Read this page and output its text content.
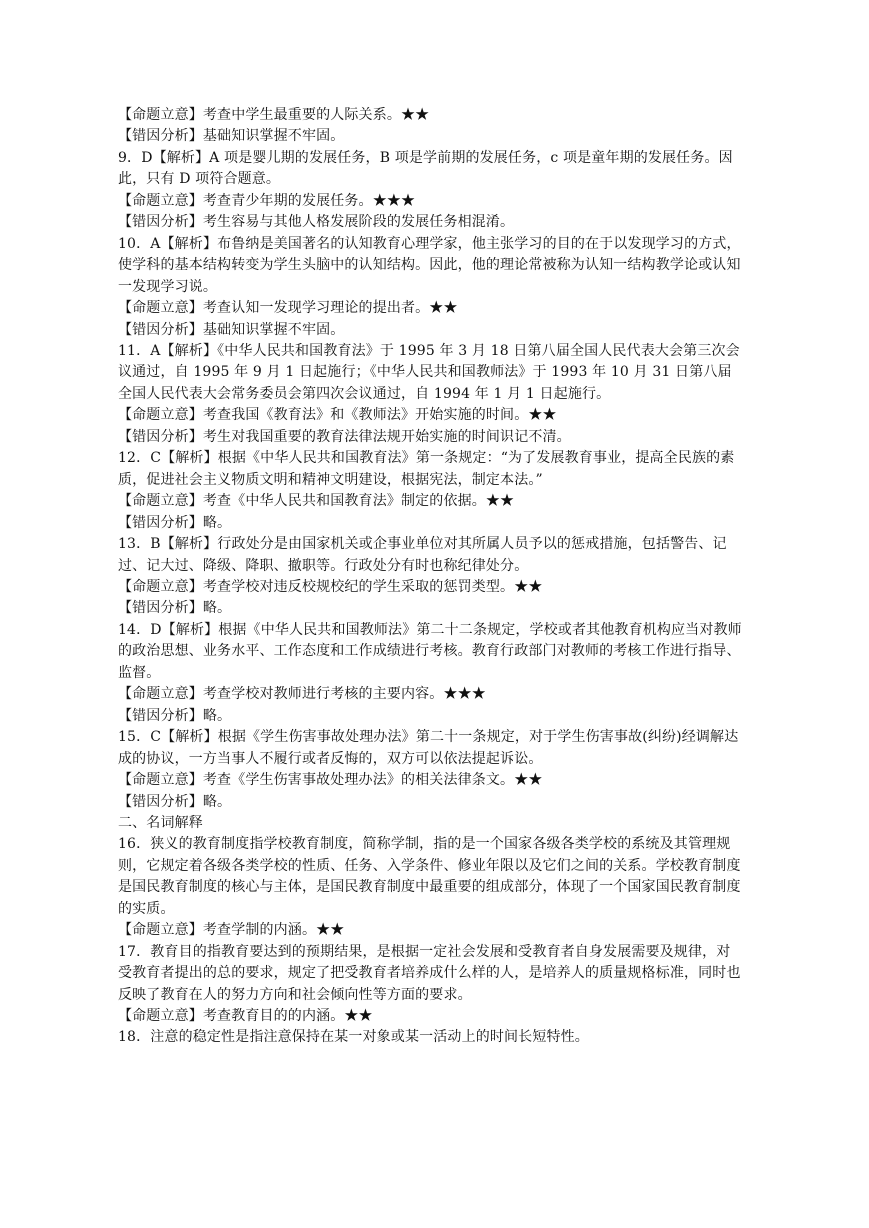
【命题立意】考查中学生最重要的人际关系。★★

【错因分析】基础知识掌握不牢固。

9．D【解析】A 项是婴儿期的发展任务，B 项是学前期的发展任务，c 项是童年期的发展任务。因此，只有 D 项符合题意。

【命题立意】考查青少年期的发展任务。★★★

【错因分析】考生容易与其他人格发展阶段的发展任务相混淆。

10．A【解析】布鲁纳是美国著名的认知教育心理学家，他主张学习的目的在于以发现学习的方式，使学科的基本结构转变为学生头脑中的认知结构。因此，他的理论常被称为认知一结构教学论或认知一发现学习说。

【命题立意】考查认知一发现学习理论的提出者。★★

【错因分析】基础知识掌握不牢固。

11．A【解析】《中华人民共和国教育法》于 1995 年 3 月 18 日第八届全国人民代表大会第三次会议通过，自 1995 年 9 月 1 日起施行；《中华人民共和国教师法》于 1993 年 10 月 31 日第八届全国人民代表大会常务委员会第四次会议通过，自 1994 年 1 月 1 日起施行。

【命题立意】考查我国《教育法》和《教师法》开始实施的时间。★★

【错因分析】考生对我国重要的教育法律法规开始实施的时间识记不清。

12．C【解析】根据《中华人民共和国教育法》第一条规定：“为了发展教育事业，提高全民族的素质，促进社会主义物质文明和精神文明建设，根据宪法，制定本法。”

【命题立意】考查《中华人民共和国教育法》制定的依据。★★

【错因分析】略。

13．B【解析】行政处分是由国家机关或企事业单位对其所属人员予以的惩戒措施，包括警告、记过、记大过、降级、降职、撤职等。行政处分有时也称纪律处分。

【命题立意】考查学校对违反校规校纪的学生采取的惩罚类型。★★

【错因分析】略。

14．D【解析】根据《中华人民共和国教师法》第二十二条规定，学校或者其他教育机构应当对教师的政治思想、业务水平、工作态度和工作成绩进行考核。教育行政部门对教师的考核工作进行指导、监督。

【命题立意】考查学校对教师进行考核的主要内容。★★★

【错因分析】略。

15．C【解析】根据《学生伤害事故处理办法》第二十一条规定，对于学生伤害事故(纠纷)经调解达成的协议，一方当事人不履行或者反悔的，双方可以依法提起诉讼。

【命题立意】考查《学生伤害事故处理办法》的相关法律条文。★★

【错因分析】略。

二、名词解释

16．狭义的教育制度指学校教育制度，简称学制，指的是一个国家各级各类学校的系统及其管理规则，它规定着各级各类学校的性质、任务、入学条件、修业年限以及它们之间的关系。学校教育制度是国民教育制度的核心与主体，是国民教育制度中最重要的组成部分，体现了一个国家国民教育制度的实质。

【命题立意】考查学制的内涵。★★

17．教育目的指教育要达到的预期结果，是根据一定社会发展和受教育者自身发展需要及规律，对受教育者提出的总的要求，规定了把受教育者培养成什么样的人，是培养人的质量规格标准，同时也反映了教育在人的努力方向和社会倾向性等方面的要求。

【命题立意】考查教育目的的内涵。★★

18．注意的稳定性是指注意保持在某一对象或某一活动上的时间长短特性。
